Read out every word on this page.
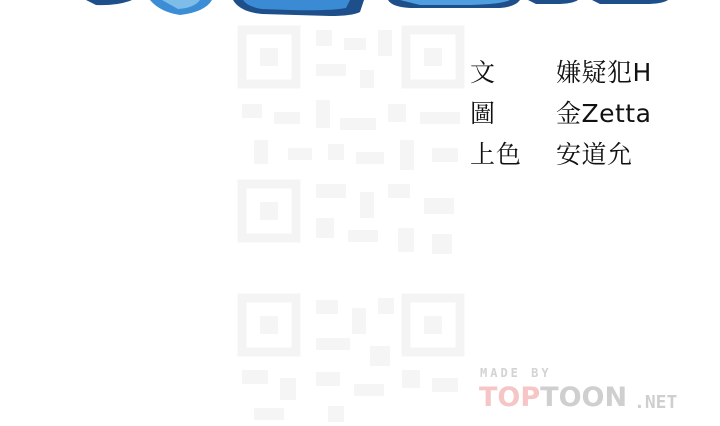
文	嫌疑犯H
圖	金Zetta
上色	安道允
MADE BY
TOPTOON .NET
